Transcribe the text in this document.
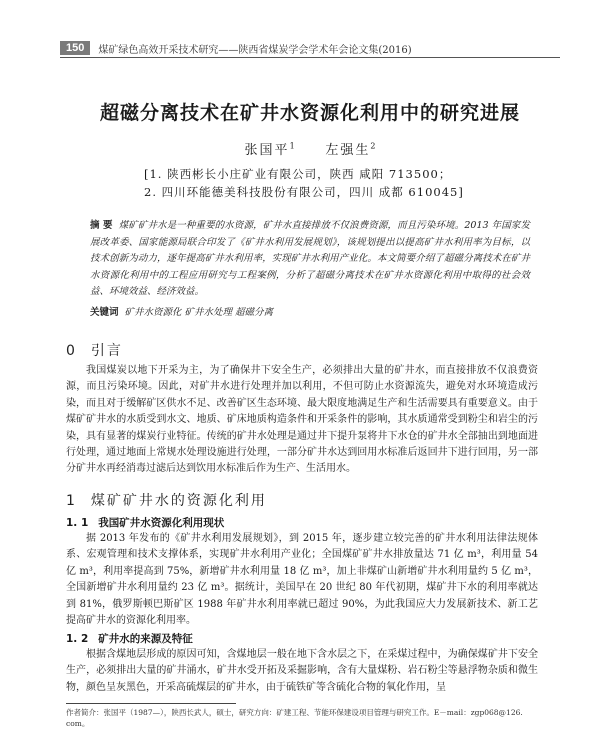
150	煤矿绿色高效开采技术研究——陕西省煤炭学会学术年会论文集(2016)
超磁分离技术在矿井水资源化利用中的研究进展
张国平$^1$ 左强生$^2$
[1. 陕西彬长小庄矿业有限公司，陕西 咸阳 713500；
2. 四川环能德美科技股份有限公司，四川 成都 610045]
摘 要 煤矿矿井水是一种重要的水资源，矿井水直接排放不仅浪费资源，而且污染环境。2013 年国家发展改革委、国家能源局联合印发了《矿井水利用发展规划》，该规划提出以提高矿井水利用率为目标，以技术创新为动力，逐年提高矿井水利用率，实现矿井水利用产业化。本文简要介绍了超磁分离技术在矿井水资源化利用中的工程应用研究与工程案例，分析了超磁分离技术在矿井水资源化利用中取得的社会效益、环境效益、经济效益。
关键词 矿井水资源化 矿井水处理 超磁分离
0 引言

我国煤炭以地下开采为主，为了确保井下安全生产，必须排出大量的矿井水，而直接排放不仅浪费资源，而且污染环境。因此，对矿井水进行处理并加以利用，不但可防止水资源流失，避免对水环境造成污染，而且对于缓解矿区供水不足、改善矿区生态环境、最大限度地满足生产和生活需要具有重要意义。由于煤矿矿井水的水质受到水文、地质、矿床地质构造条件和开采条件的影响，其水质通常受到粉尘和岩尘的污染，具有显著的煤炭行业特征。传统的矿井水处理是通过井下提升泵将井下水仓的矿井水全部抽出到地面进行处理，通过地面上常规水处理设施进行处理，一部分矿井水达到回用水标准后返回井下进行回用，另一部分矿井水再经消毒过滤后达到饮用水标准后作为生产、生活用水。

1 煤矿矿井水的资源化利用
1. 1 我国矿井水资源化利用现状

据 2013 年发布的《矿井水利用发展规划》，到 2015 年，逐步建立较完善的矿井水利用法律法规体系、宏观管理和技术支撑体系，实现矿井水利用产业化；全国煤矿矿井水排放量达 71 亿 m³，利用量 54 亿 m³，利用率提高到 75%，新增矿井水利用量 18 亿 m³，加上非煤矿山新增矿井水利用量约 5 亿 m³，全国新增矿井水利用量约 23 亿 m³。据统计，美国早在 20 世纪 80 年代初期，煤矿井下水的利用率就达到 81%，俄罗斯顿巴斯矿区 1988 年矿井水利用率就已超过 90%，为此我国应大力发展新技术、新工艺提高矿井水的资源化利用率。

1. 2 矿井水的来源及特征

根据含煤地层形成的原因可知，含煤地层一般在地下含水层之下，在采煤过程中，为确保煤矿井下安全生产，必须排出大量的矿井涌水，矿井水受开拓及采掘影响，含有大量煤粉、岩石粉尘等悬浮物杂质和微生物，颜色呈灰黑色，开采高硫煤层的矿井水，由于硫铁矿等含硫化合物的氧化作用，呈

作者简介：张国平（1987—），陕西长武人，硕士，研究方向：矿建工程、节能环保建设项目管理与研究工作。E－mail：zgp068@126. com。
